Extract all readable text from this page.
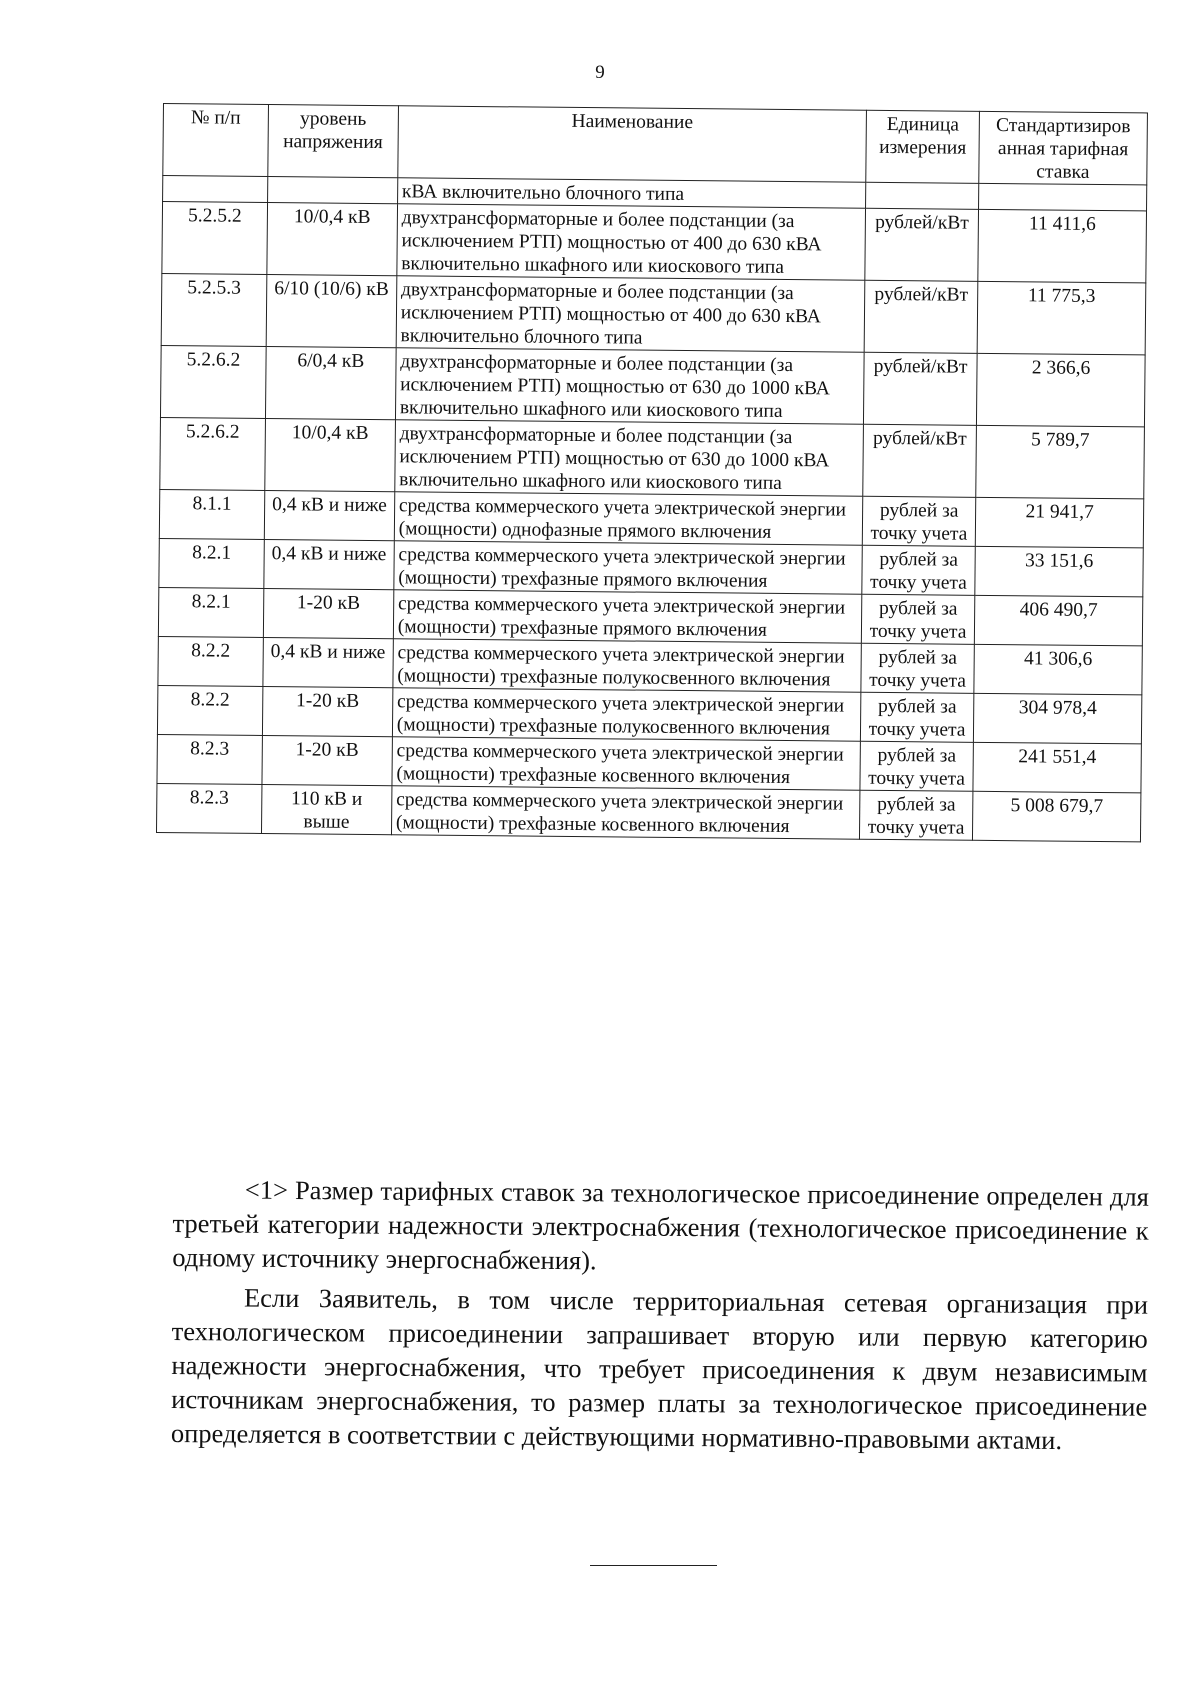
9
№ п/п	уровень напряжения	Наименование	Единица измерения	Стандартизиров анная тарифная ставка
		кВА включительно блочного типа		
5.2.5.2	10/0,4 кВ	двухтрансформаторные и более подстанции (за исключением РТП) мощностью от 400 до 630 кВА включительно шкафного или киоскового типа	рублей/кВт	11 411,6
5.2.5.3	6/10 (10/6) кВ	двухтрансформаторные и более подстанции (за исключением РТП) мощностью от 400 до 630 кВА включительно блочного типа	рублей/кВт	11 775,3
5.2.6.2	6/0,4 кВ	двухтрансформаторные и более подстанции (за исключением РТП) мощностью от 630 до 1000 кВА включительно шкафного или киоскового типа	рублей/кВт	2 366,6
5.2.6.2	10/0,4 кВ	двухтрансформаторные и более подстанции (за исключением РТП) мощностью от 630 до 1000 кВА включительно шкафного или киоскового типа	рублей/кВт	5 789,7
8.1.1	0,4 кВ и ниже	средства коммерческого учета электрической энергии (мощности) однофазные прямого включения	рублей за точку учета	21 941,7
8.2.1	0,4 кВ и ниже	средства коммерческого учета электрической энергии (мощности) трехфазные прямого включения	рублей за точку учета	33 151,6
8.2.1	1-20 кВ	средства коммерческого учета электрической энергии (мощности) трехфазные прямого включения	рублей за точку учета	406 490,7
8.2.2	0,4 кВ и ниже	средства коммерческого учета электрической энергии (мощности) трехфазные полукосвенного включения	рублей за точку учета	41 306,6
8.2.2	1-20 кВ	средства коммерческого учета электрической энергии (мощности) трехфазные полукосвенного включения	рублей за точку учета	304 978,4
8.2.3	1-20 кВ	средства коммерческого учета электрической энергии (мощности) трехфазные косвенного включения	рублей за точку учета	241 551,4
8.2.3	110 кВ и выше	средства коммерческого учета электрической энергии (мощности) трехфазные косвенного включения	рублей за точку учета	5 008 679,7

<1> Размер тарифных ставок за технологическое присоединение определен для третьей категории надежности электроснабжения (технологическое присоединение к одному источнику энергоснабжения).

Если Заявитель, в том числе территориальная сетевая организация при технологическом присоединении запрашивает вторую или первую категорию надежности энергоснабжения, что требует присоединения к двум независимым источникам энергоснабжения, то размер платы за технологическое присоединение определяется в соответствии с действующими нормативно-правовыми актами.
